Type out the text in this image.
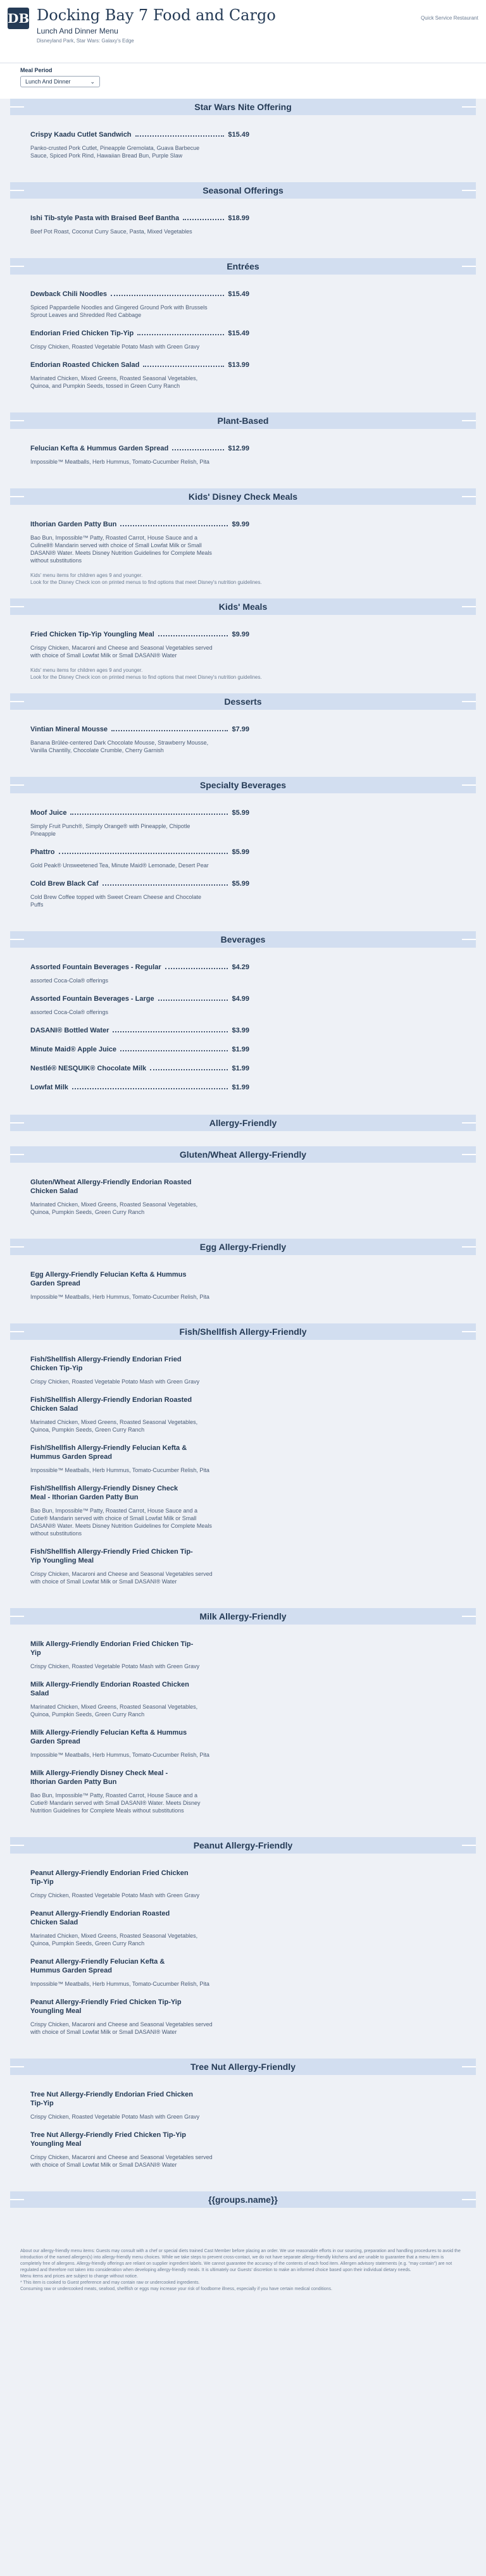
DB Docking Bay 7 Food and Cargo
Lunch And Dinner Menu
Disneyland Park, Star Wars: Galaxy's Edge
Quick Service Restaurant
Meal Period
Lunch And Dinner	⌄
Star Wars Nite Offering
Crispy Kaadu Cutlet Sandwich	$15.49
Panko-crusted Pork Cutlet, Pineapple Gremolata, Guava Barbecue Sauce, Spiced Pork Rind, Hawaiian Bread Bun, Purple Slaw
Seasonal Offerings
Ishi Tib-style Pasta with Braised Beef Bantha	$18.99
Beef Pot Roast, Coconut Curry Sauce, Pasta, Mixed Vegetables
Entrées
Dewback Chili Noodles	$15.49
Spiced Pappardelle Noodles and Gingered Ground Pork with Brussels Sprout Leaves and Shredded Red Cabbage
Endorian Fried Chicken Tip-Yip	$15.49
Crispy Chicken, Roasted Vegetable Potato Mash with Green Gravy
Endorian Roasted Chicken Salad	$13.99
Marinated Chicken, Mixed Greens, Roasted Seasonal Vegetables, Quinoa, and Pumpkin Seeds, tossed in Green Curry Ranch
Plant-Based
Felucian Kefta & Hummus Garden Spread	$12.99
Impossible™ Meatballs, Herb Hummus, Tomato-Cucumber Relish, Pita
Kids' Disney Check Meals
Ithorian Garden Patty Bun	$9.99
Bao Bun, Impossible™ Patty, Roasted Carrot, House Sauce and a Culinell® Mandarin served with choice of Small Lowfat Milk or Small DASANI® Water. Meets Disney Nutrition Guidelines for Complete Meals without substitutions
Kids' menu items for children ages 9 and younger.
Look for the Disney Check icon on printed menus to find options that meet Disney's nutrition guidelines.
Kids' Meals
Fried Chicken Tip-Yip Youngling Meal	$9.99
Crispy Chicken, Macaroni and Cheese and Seasonal Vegetables served with choice of Small Lowfat Milk or Small DASANI® Water
Kids' menu items for children ages 9 and younger.
Look for the Disney Check icon on printed menus to find options that meet Disney's nutrition guidelines.
Desserts
Vintian Mineral Mousse	$7.99
Banana Brûlée-centered Dark Chocolate Mousse, Strawberry Mousse, Vanilla Chantilly, Chocolate Crumble, Cherry Garnish
Specialty Beverages
Moof Juice	$5.99
Simply Fruit Punch®, Simply Orange® with Pineapple, Chipotle Pineapple
Phattro	$5.99
Gold Peak® Unsweetened Tea, Minute Maid® Lemonade, Desert Pear
Cold Brew Black Caf	$5.99
Cold Brew Coffee topped with Sweet Cream Cheese and Chocolate Puffs
Beverages
Assorted Fountain Beverages - Regular	$4.29
assorted Coca-Cola® offerings
Assorted Fountain Beverages - Large	$4.99
assorted Coca-Cola® offerings
DASANI® Bottled Water	$3.99
Minute Maid® Apple Juice	$1.99
Nestlé® NESQUIK® Chocolate Milk	$1.99
Lowfat Milk	$1.99
Allergy-Friendly
Gluten/Wheat Allergy-Friendly
Gluten/Wheat Allergy-Friendly Endorian Roasted Chicken Salad
Marinated Chicken, Mixed Greens, Roasted Seasonal Vegetables, Quinoa, Pumpkin Seeds, Green Curry Ranch
Egg Allergy-Friendly
Egg Allergy-Friendly Felucian Kefta & Hummus Garden Spread
Impossible™ Meatballs, Herb Hummus, Tomato-Cucumber Relish, Pita
Fish/Shellfish Allergy-Friendly
Fish/Shellfish Allergy-Friendly Endorian Fried Chicken Tip-Yip
Crispy Chicken, Roasted Vegetable Potato Mash with Green Gravy
Fish/Shellfish Allergy-Friendly Endorian Roasted Chicken Salad
Marinated Chicken, Mixed Greens, Roasted Seasonal Vegetables, Quinoa, Pumpkin Seeds, Green Curry Ranch
Fish/Shellfish Allergy-Friendly Felucian Kefta & Hummus Garden Spread
Impossible™ Meatballs, Herb Hummus, Tomato-Cucumber Relish, Pita
Fish/Shellfish Allergy-Friendly Disney Check Meal - Ithorian Garden Patty Bun
Bao Bun, Impossible™ Patty, Roasted Carrot, House Sauce and a Cutie® Mandarin served with choice of Small Lowfat Milk or Small DASANI® Water. Meets Disney Nutrition Guidelines for Complete Meals without substitutions
Fish/Shellfish Allergy-Friendly Fried Chicken Tip-Yip Youngling Meal
Crispy Chicken, Macaroni and Cheese and Seasonal Vegetables served with choice of Small Lowfat Milk or Small DASANI® Water
Milk Allergy-Friendly
Milk Allergy-Friendly Endorian Fried Chicken Tip-Yip
Crispy Chicken, Roasted Vegetable Potato Mash with Green Gravy
Milk Allergy-Friendly Endorian Roasted Chicken Salad
Marinated Chicken, Mixed Greens, Roasted Seasonal Vegetables, Quinoa, Pumpkin Seeds, Green Curry Ranch
Milk Allergy-Friendly Felucian Kefta & Hummus Garden Spread
Impossible™ Meatballs, Herb Hummus, Tomato-Cucumber Relish, Pita
Milk Allergy-Friendly Disney Check Meal - Ithorian Garden Patty Bun
Bao Bun, Impossible™ Patty, Roasted Carrot, House Sauce and a Cutie® Mandarin served with Small DASANI® Water. Meets Disney Nutrition Guidelines for Complete Meals without substitutions
Peanut Allergy-Friendly
Peanut Allergy-Friendly Endorian Fried Chicken Tip-Yip
Crispy Chicken, Roasted Vegetable Potato Mash with Green Gravy
Peanut Allergy-Friendly Endorian Roasted Chicken Salad
Marinated Chicken, Mixed Greens, Roasted Seasonal Vegetables, Quinoa, Pumpkin Seeds, Green Curry Ranch
Peanut Allergy-Friendly Felucian Kefta & Hummus Garden Spread
Impossible™ Meatballs, Herb Hummus, Tomato-Cucumber Relish, Pita
Peanut Allergy-Friendly Fried Chicken Tip-Yip Youngling Meal
Crispy Chicken, Macaroni and Cheese and Seasonal Vegetables served with choice of Small Lowfat Milk or Small DASANI® Water
Tree Nut Allergy-Friendly
Tree Nut Allergy-Friendly Endorian Fried Chicken Tip-Yip
Crispy Chicken, Roasted Vegetable Potato Mash with Green Gravy
Tree Nut Allergy-Friendly Fried Chicken Tip-Yip Youngling Meal
Crispy Chicken, Macaroni and Cheese and Seasonal Vegetables served with choice of Small Lowfat Milk or Small DASANI® Water
{{groups.name}}
About our allergy-friendly menu items: Guests may consult with a chef or special diets trained Cast Member before placing an order. We use reasonable efforts in our sourcing, preparation and handling procedures to avoid the introduction of the named allergen(s) into allergy-friendly menu choices. While we take steps to prevent cross-contact, we do not have separate allergy-friendly kitchens and are unable to guarantee that a menu item is completely free of allergens. Allergy-friendly offerings are reliant on supplier ingredient labels. We cannot guarantee the accuracy of the contents of each food item. Allergen advisory statements (e.g. "may contain") are not regulated and therefore not taken into consideration when developing allergy-friendly meals. It is ultimately our Guests' discretion to make an informed choice based upon their individual dietary needs.
Menu items and prices are subject to change without notice.
* This item is cooked to Guest preference and may contain raw or undercooked ingredients.
Consuming raw or undercooked meats, seafood, shellfish or eggs may increase your risk of foodborne illness, especially if you have certain medical conditions.
